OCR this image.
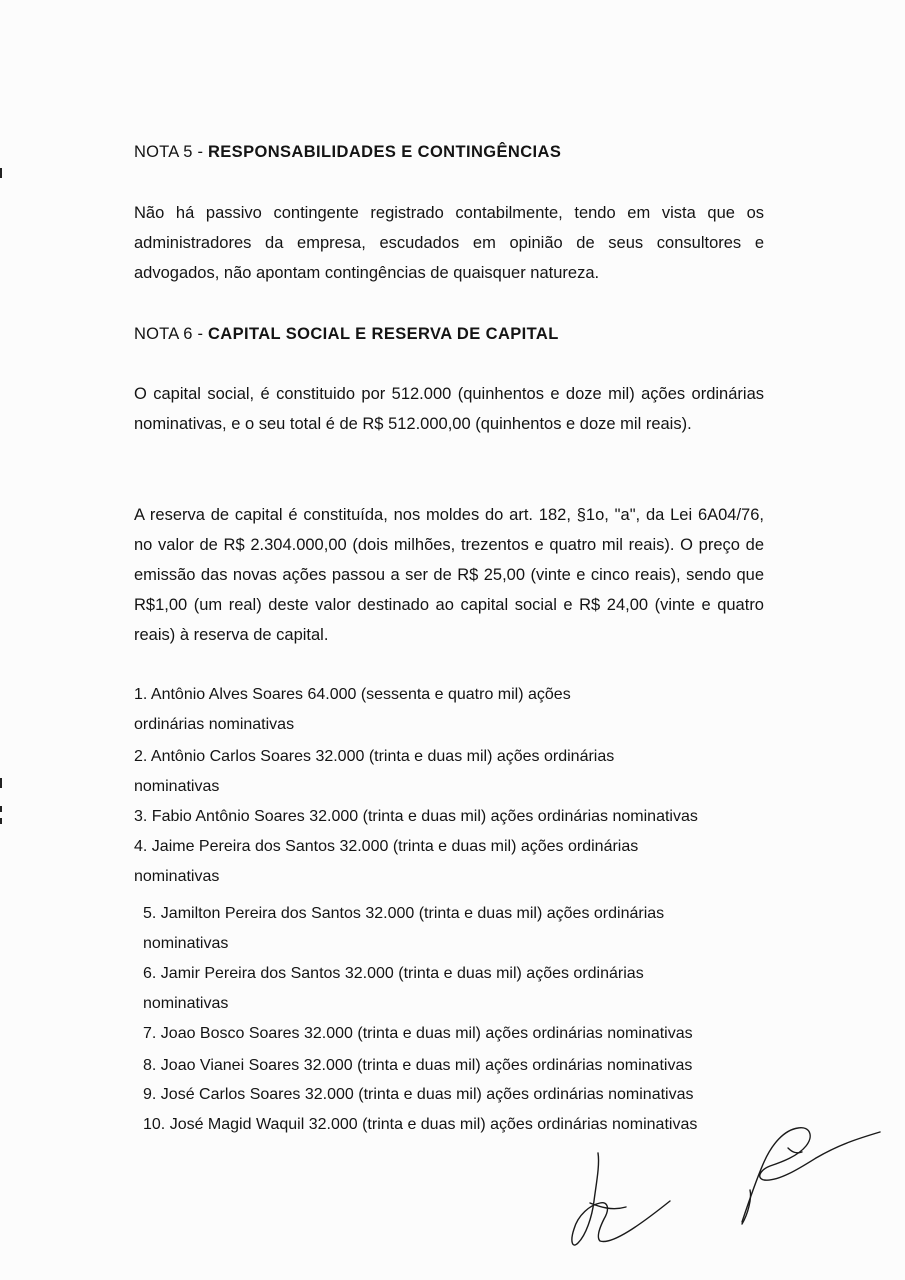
NOTA 5 - RESPONSABILIDADES E CONTINGÊNCIAS

Não há passivo contingente registrado contabilmente, tendo em vista que os administradores da empresa, escudados em opinião de seus consultores e advogados, não apontam contingências de quaisquer natureza.

NOTA 6 - CAPITAL SOCIAL E RESERVA DE CAPITAL

O capital social, é constituido por 512.000 (quinhentos e doze mil) ações ordinárias nominativas, e o seu total é de R$ 512.000,00 (quinhentos e doze mil reais).

A reserva de capital é constituída, nos moldes do art. 182, §1o, "a", da Lei 6A04/76, no valor de R$ 2.304.000,00 (dois milhões, trezentos e quatro mil reais). O preço de emissão das novas ações passou a ser de R$ 25,00 (vinte e cinco reais), sendo que R$1,00 (um real) deste valor destinado ao capital social e R$ 24,00 (vinte e quatro reais) à reserva de capital.

1. Antônio Alves Soares 64.000 (sessenta e quatro mil) ações
ordinárias nominativas
2. Antônio Carlos Soares 32.000 (trinta e duas mil) ações ordinárias
nominativas
3. Fabio Antônio Soares 32.000 (trinta e duas mil) ações ordinárias nominativas
4. Jaime Pereira dos Santos 32.000 (trinta e duas mil) ações ordinárias
nominativas
5. Jamilton Pereira dos Santos 32.000 (trinta e duas mil) ações ordinárias
nominativas
6. Jamir Pereira dos Santos 32.000 (trinta e duas mil) ações ordinárias
nominativas
7. Joao Bosco Soares 32.000 (trinta e duas mil) ações ordinárias nominativas
8. Joao Vianei Soares 32.000 (trinta e duas mil) ações ordinárias nominativas
9. José Carlos Soares 32.000 (trinta e duas mil) ações ordinárias nominativas
10. José Magid Waquil 32.000 (trinta e duas mil) ações ordinárias nominativas
